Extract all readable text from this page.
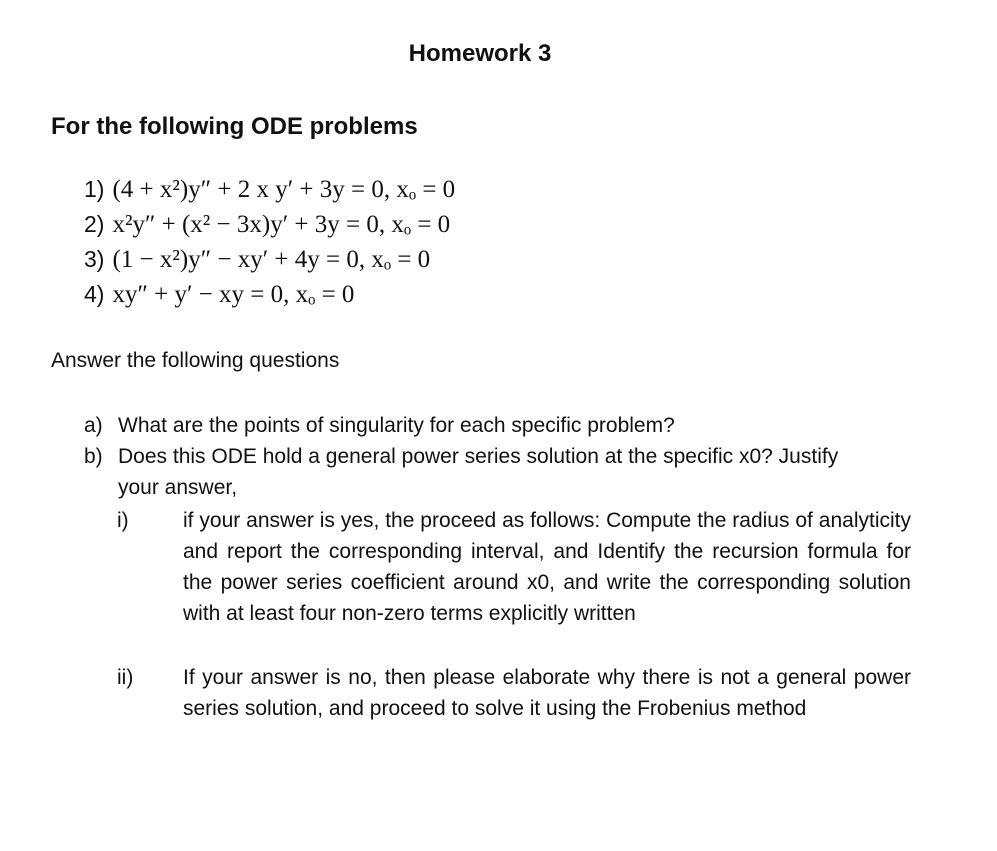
Homework 3
For the following ODE problems
1) (4 + x²)y″ + 2 x y′ + 3y = 0, xₒ = 0
2) x²y″ + (x² − 3x)y′ + 3y = 0, xₒ = 0
3) (1 − x²)y″ − xy′ + 4y = 0, xₒ = 0
4) xy″ + y′ − xy = 0, xₒ = 0
Answer the following questions
a) What are the points of singularity for each specific problem?
b) Does this ODE hold a general power series solution at the specific x0? Justify
your answer,
i)	if your answer is yes, the proceed as follows: Compute the radius of analyticity and report the corresponding interval, and Identify the recursion formula for the power series coefficient around x0, and write the corresponding solution with at least four non-zero terms explicitly written
ii) If your answer is no, then please elaborate why there is not a general power series solution, and proceed to solve it using the Frobenius method
